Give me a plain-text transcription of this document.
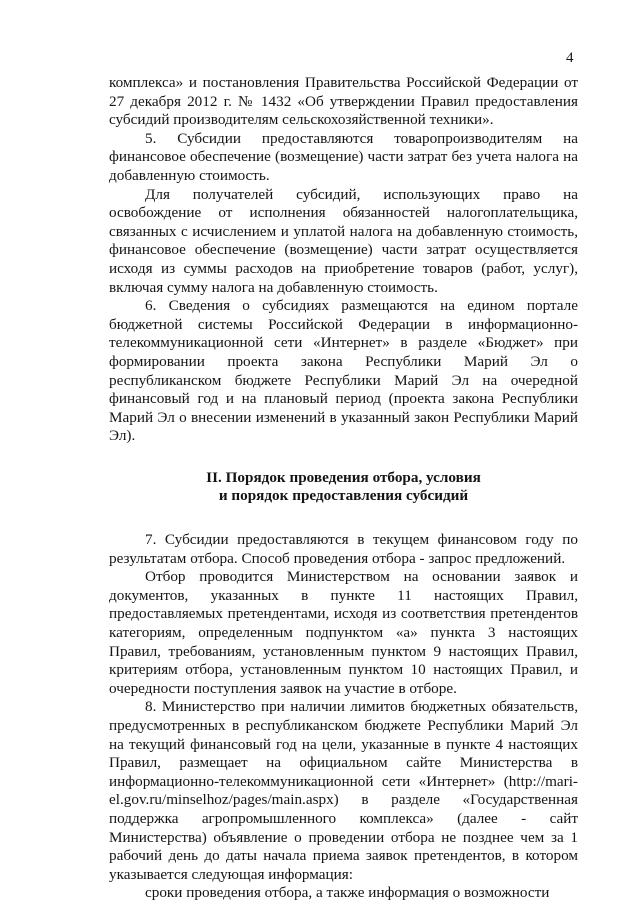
4

комплекса» и постановления Правительства Российской Федерации от 27 декабря 2012 г. № 1432 «Об утверждении Правил предоставления субсидий производителям сельскохозяйственной техники».

5. Субсидии предоставляются товаропроизводителям на финансовое обеспечение (возмещение) части затрат без учета налога на добавленную стоимость.

Для получателей субсидий, использующих право на освобождение от исполнения обязанностей налогоплательщика, связанных с исчислением и уплатой налога на добавленную стоимость, финансовое обеспечение (возмещение) части затрат осуществляется исходя из суммы расходов на приобретение товаров (работ, услуг), включая сумму налога на добавленную стоимость.

6. Сведения о субсидиях размещаются на едином портале бюджетной системы Российской Федерации в информационно-телекоммуникационной сети «Интернет» в разделе «Бюджет» при формировании проекта закона Республики Марий Эл о республиканском бюджете Республики Марий Эл на очередной финансовый год и на плановый период (проекта закона Республики Марий Эл о внесении изменений в указанный закон Республики Марий Эл).

II. Порядок проведения отбора, условия
и порядок предоставления субсидий

7. Субсидии предоставляются в текущем финансовом году по результатам отбора. Способ проведения отбора - запрос предложений.

Отбор проводится Министерством на основании заявок и документов, указанных в пункте 11 настоящих Правил, предоставляемых претендентами, исходя из соответствия претендентов категориям, определенным подпунктом «а» пункта 3 настоящих Правил, требованиям, установленным пунктом 9 настоящих Правил, критериям отбора, установленным пунктом 10 настоящих Правил, и очередности поступления заявок на участие в отборе.

8. Министерство при наличии лимитов бюджетных обязательств, предусмотренных в республиканском бюджете Республики Марий Эл на текущий финансовый год на цели, указанные в пункте 4 настоящих Правил, размещает на официальном сайте Министерства в информационно-телекоммуникационной сети «Интернет» (http://mari-el.gov.ru/minselhoz/pages/main.aspx) в разделе «Государственная поддержка агропромышленного комплекса» (далее - сайт Министерства) объявление о проведении отбора не позднее чем за 1 рабочий день до даты начала приема заявок претендентов, в котором указывается следующая информация:

сроки проведения отбора, а также информация о возможности
